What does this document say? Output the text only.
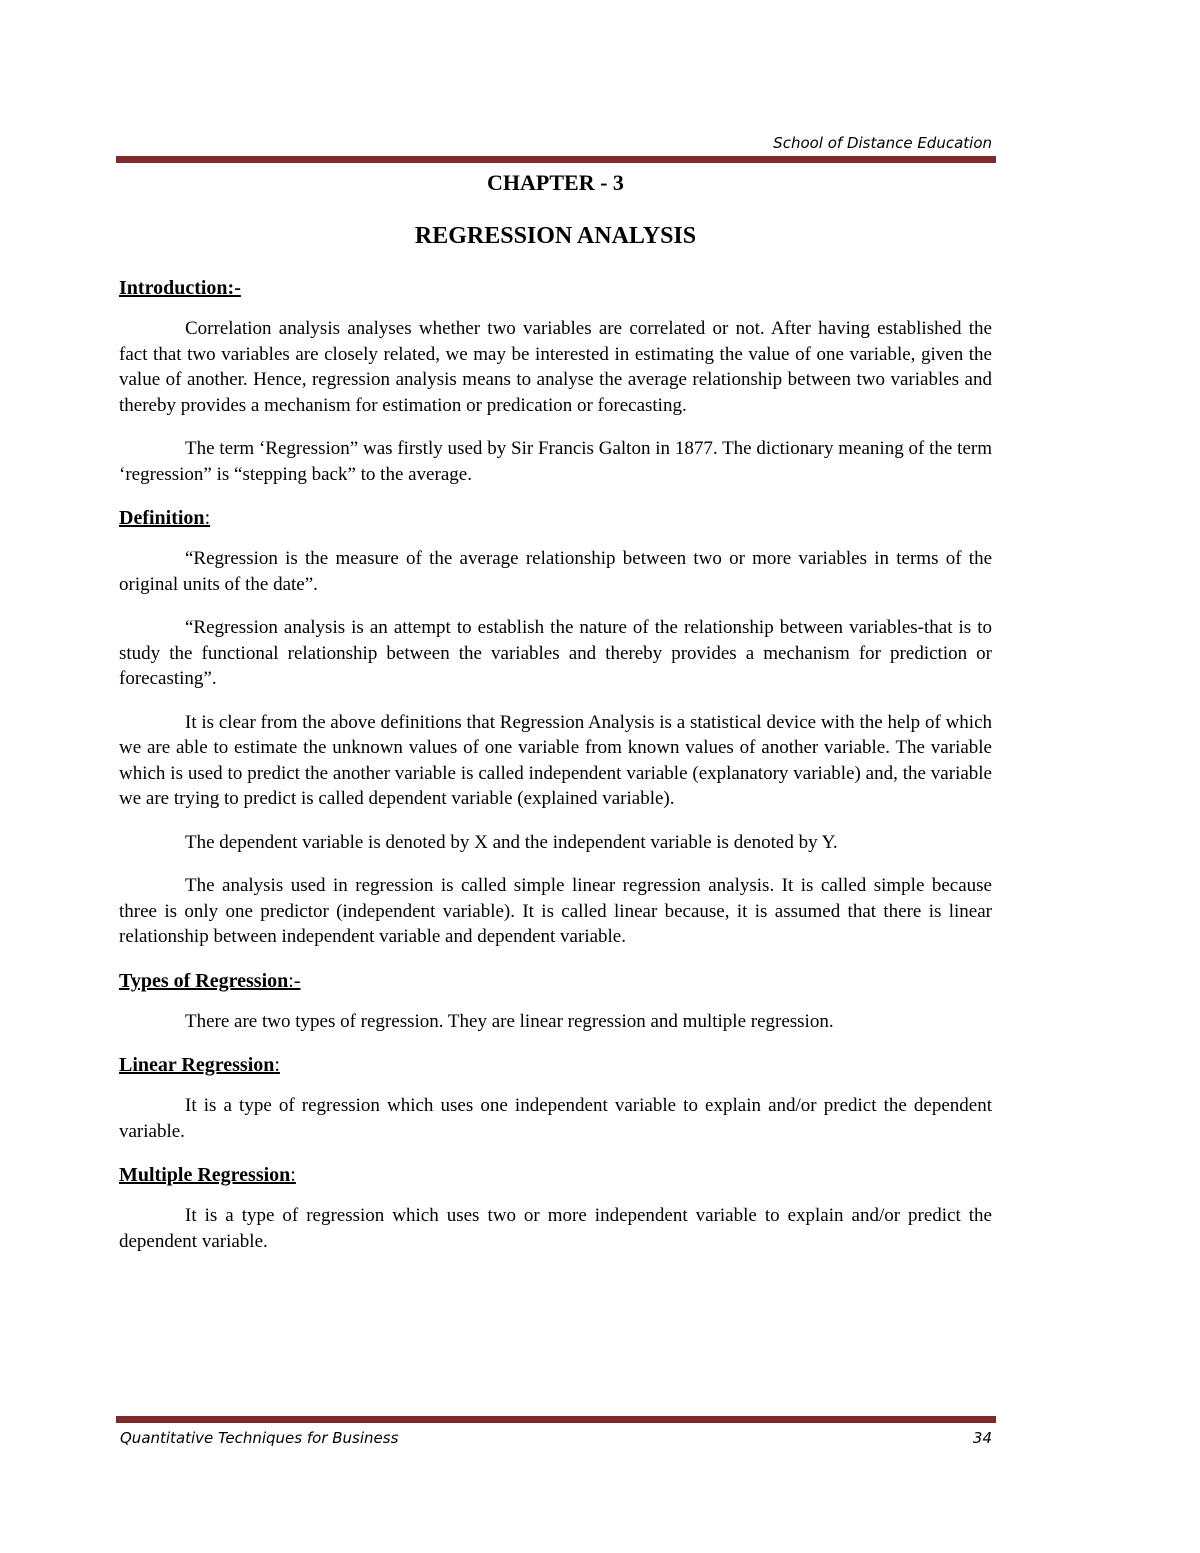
School of Distance Education
CHAPTER - 3
REGRESSION ANALYSIS
Introduction:-

Correlation analysis analyses whether two variables are correlated or not. After having established the fact that two variables are closely related, we may be interested in estimating the value of one variable, given the value of another. Hence, regression analysis means to analyse the average relationship between two variables and thereby provides a mechanism for estimation or predication or forecasting.

The term ‘Regression” was firstly used by Sir Francis Galton in 1877. The dictionary meaning of the term ‘regression” is “stepping back” to the average.

Definition:

“Regression is the measure of the average relationship between two or more variables in terms of the original units of the date”.

“Regression analysis is an attempt to establish the nature of the relationship between variables-that is to study the functional relationship between the variables and thereby provides a mechanism for prediction or forecasting”.

It is clear from the above definitions that Regression Analysis is a statistical device with the help of which we are able to estimate the unknown values of one variable from known values of another variable. The variable which is used to predict the another variable is called independent variable (explanatory variable) and, the variable we are trying to predict is called dependent variable (explained variable).

The dependent variable is denoted by X and the independent variable is denoted by Y.

The analysis used in regression is called simple linear regression analysis. It is called simple because three is only one predictor (independent variable). It is called linear because, it is assumed that there is linear relationship between independent variable and dependent variable.

Types of Regression:-

There are two types of regression. They are linear regression and multiple regression.

Linear Regression:

It is a type of regression which uses one independent variable to explain and/or predict the dependent variable.

Multiple Regression:

It is a type of regression which uses two or more independent variable to explain and/or predict the dependent variable.

Quantitative Techniques for Business	34
